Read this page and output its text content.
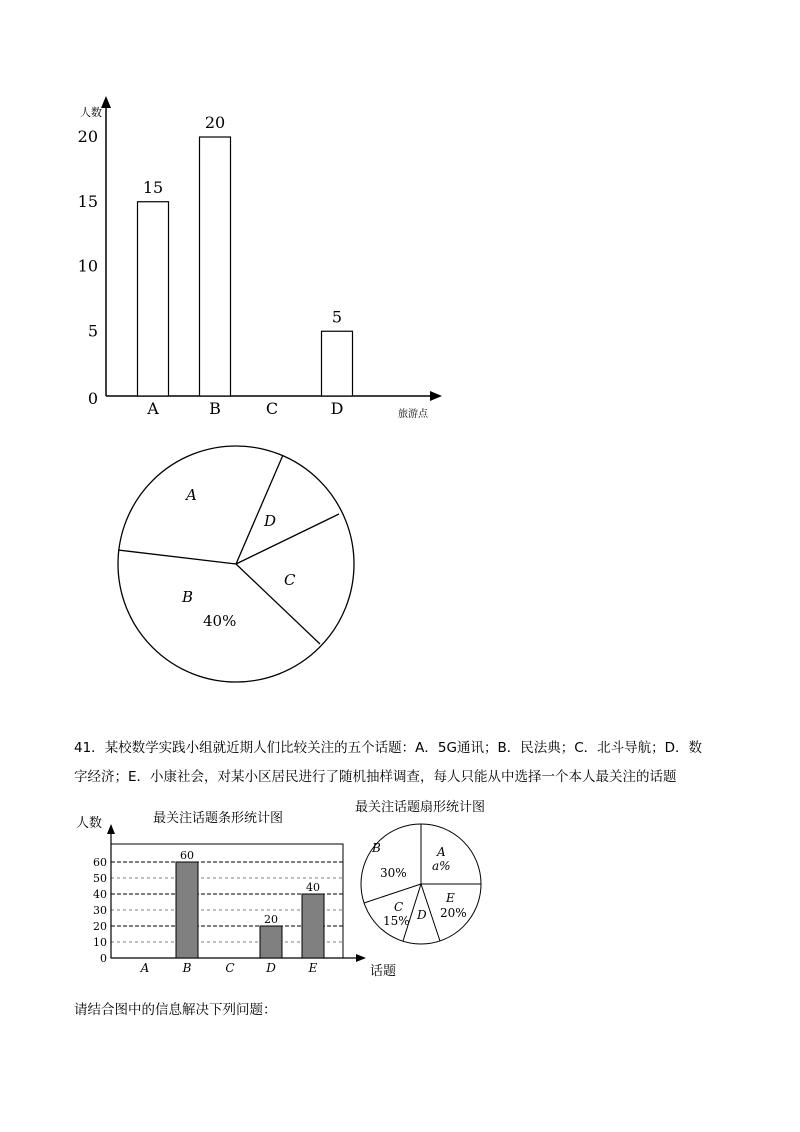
人数
旅游点
0
5
10
15
20
15
A
20
B	C
5
D
A
D
C
B
40%
最关注话题条形统计图
0
10
20
30
40
50
60
人数
话题
A
60
B	C
20
D
40
E
最关注话题扇形统计图
B
30%
A
a%
E
20%
C
15% D
41．某校数学实践小组就近期人们比较关注的五个话题：A．5G通讯；B．民法典；C．北斗导航；D．数
字经济；E．小康社会，对某小区居民进行了随机抽样调查，每人只能从中选择一个本人最关注的话题
请结合图中的信息解决下列问题：
